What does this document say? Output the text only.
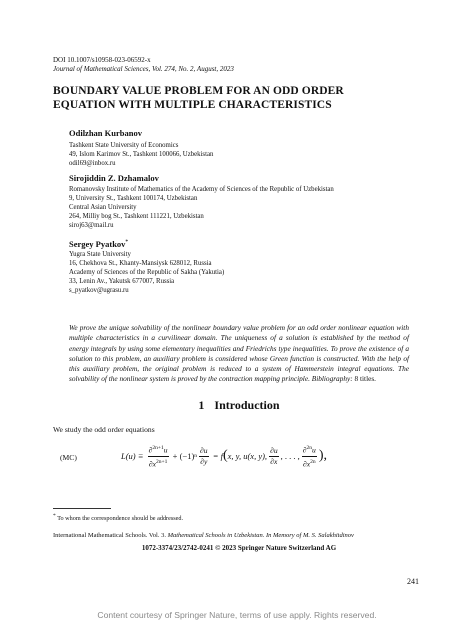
DOI 10.1007/s10958-023-06592-x
Journal of Mathematical Sciences, Vol. 274, No. 2, August, 2023
BOUNDARY VALUE PROBLEM FOR AN ODD ORDER
EQUATION WITH MULTIPLE CHARACTERISTICS
Odilzhan Kurbanov
Tashkent State University of Economics
49, Islom Karimov St., Tashkent 100066, Uzbekistan
odil69@inbox.ru
Sirojiddin Z. Dzhamalov
Romanovsky Institute of Mathematics of the Academy of Sciences of the Republic of Uzbekistan
9, University St., Tashkent 100174, Uzbekistan
Central Asian University
264, Milliy bog St., Tashkent 111221, Uzbekistan
siroj63@mail.ru
Sergey Pyatkov*
Yugra State University
16, Chekhova St., Khanty-Mansiysk 628012, Russia
Academy of Sciences of the Republic of Sakha (Yakutia)
33, Lenin Av., Yakutsk 677007, Russia
s_pyatkov@ugrasu.ru
We prove the unique solvability of the nonlinear boundary value problem for an odd order nonlinear equation with multiple characteristics in a curvilinear domain. The uniqueness of a solution is established by the method of energy integrals by using some elementary inequalities and Friedrichs type inequalities. To prove the existence of a solution to this problem, an auxiliary problem is considered whose Green function is constructed. With the help of this auxiliary problem, the original problem is reduced to a system of Hammerstein integral equations. The solvability of the nonlinear system is proved by the contraction mapping principle. Bibliography: 8 titles.
1 Introduction
We study the odd order equations
(MC)	L(u) ≡
$\frac{\partial^{2n+1}u}{\partial x^{2n+1}}$
+ (−1) n $\frac{\partial u}{\partial y}$
= f ( x, y, u(x, y), $\frac{\partial u}{\partial x}$ , . . . , $\frac{\partial^{2n}u}{\partial x^{2n}}$ ),
* To whom the correspondence should be addressed.
International Mathematical Schools. Vol. 3. Mathematical Schools in Uzbekistan. In Memory of M. S. Salakhitdinov
1072-3374/23/2742-0241 © 2023 Springer Nature Switzerland AG
241
Content courtesy of Springer Nature, terms of use apply. Rights reserved.
